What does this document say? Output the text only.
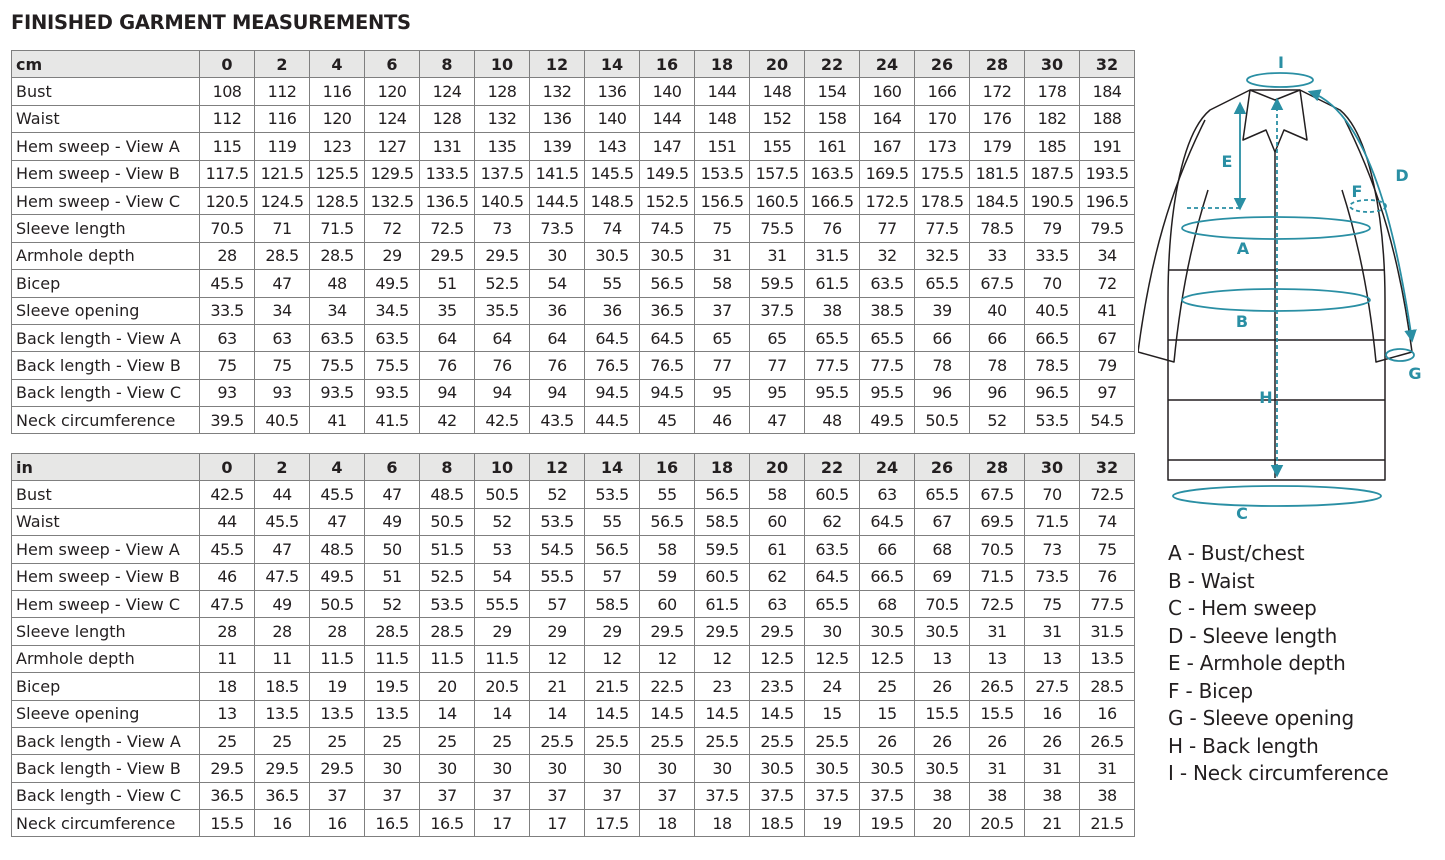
FINISHED GARMENT MEASUREMENTS
cm	0	2	4	6	8	10	12	14	16	18	20	22	24	26	28	30	32
Bust	108	112	116	120	124	128	132	136	140	144	148	154	160	166	172	178	184
Waist	112	116	120	124	128	132	136	140	144	148	152	158	164	170	176	182	188
Hem sweep - View A	115	119	123	127	131	135	139	143	147	151	155	161	167	173	179	185	191
Hem sweep - View B	117.5	121.5	125.5	129.5	133.5	137.5	141.5	145.5	149.5	153.5	157.5	163.5	169.5	175.5	181.5	187.5	193.5
Hem sweep - View C	120.5	124.5	128.5	132.5	136.5	140.5	144.5	148.5	152.5	156.5	160.5	166.5	172.5	178.5	184.5	190.5	196.5
Sleeve length	70.5	71	71.5	72	72.5	73	73.5	74	74.5	75	75.5	76	77	77.5	78.5	79	79.5
Armhole depth	28	28.5	28.5	29	29.5	29.5	30	30.5	30.5	31	31	31.5	32	32.5	33	33.5	34
Bicep	45.5	47	48	49.5	51	52.5	54	55	56.5	58	59.5	61.5	63.5	65.5	67.5	70	72
Sleeve opening	33.5	34	34	34.5	35	35.5	36	36	36.5	37	37.5	38	38.5	39	40	40.5	41
Back length - View A	63	63	63.5	63.5	64	64	64	64.5	64.5	65	65	65.5	65.5	66	66	66.5	67
Back length - View B	75	75	75.5	75.5	76	76	76	76.5	76.5	77	77	77.5	77.5	78	78	78.5	79
Back length - View C	93	93	93.5	93.5	94	94	94	94.5	94.5	95	95	95.5	95.5	96	96	96.5	97
Neck circumference	39.5	40.5	41	41.5	42	42.5	43.5	44.5	45	46	47	48	49.5	50.5	52	53.5	54.5
in	0	2	4	6	8	10	12	14	16	18	20	22	24	26	28	30	32
Bust	42.5	44	45.5	47	48.5	50.5	52	53.5	55	56.5	58	60.5	63	65.5	67.5	70	72.5
Waist	44	45.5	47	49	50.5	52	53.5	55	56.5	58.5	60	62	64.5	67	69.5	71.5	74
Hem sweep - View A	45.5	47	48.5	50	51.5	53	54.5	56.5	58	59.5	61	63.5	66	68	70.5	73	75
Hem sweep - View B	46	47.5	49.5	51	52.5	54	55.5	57	59	60.5	62	64.5	66.5	69	71.5	73.5	76
Hem sweep - View C	47.5	49	50.5	52	53.5	55.5	57	58.5	60	61.5	63	65.5	68	70.5	72.5	75	77.5
Sleeve length	28	28	28	28.5	28.5	29	29	29	29.5	29.5	29.5	30	30.5	30.5	31	31	31.5
Armhole depth	11	11	11.5	11.5	11.5	11.5	12	12	12	12	12.5	12.5	12.5	13	13	13	13.5
Bicep	18	18.5	19	19.5	20	20.5	21	21.5	22.5	23	23.5	24	25	26	26.5	27.5	28.5
Sleeve opening	13	13.5	13.5	13.5	14	14	14	14.5	14.5	14.5	14.5	15	15	15.5	15.5	16	16
Back length - View A	25	25	25	25	25	25	25.5	25.5	25.5	25.5	25.5	25.5	26	26	26	26	26.5
Back length - View B	29.5	29.5	29.5	30	30	30	30	30	30	30	30.5	30.5	30.5	30.5	31	31	31
Back length - View C	36.5	36.5	37	37	37	37	37	37	37	37.5	37.5	37.5	37.5	38	38	38	38
Neck circumference	15.5	16	16	16.5	16.5	17	17	17.5	18	18	18.5	19	19.5	20	20.5	21	21.5
I
E
D
F
A
B
G
H
C
A - Bust/chest
B - Waist
C - Hem sweep
D - Sleeve length
E - Armhole depth
F - Bicep
G - Sleeve opening
H - Back length
I - Neck circumference
